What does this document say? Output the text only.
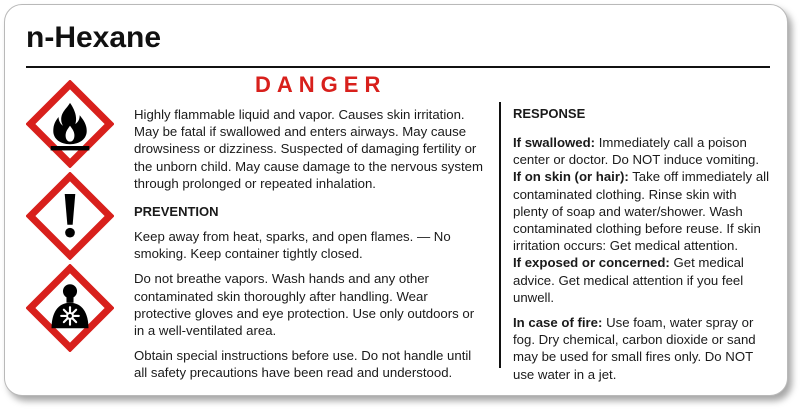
n-Hexane
DANGER

Highly flammable liquid and vapor. Causes skin irritation. May be fatal if swallowed and enters airways. May cause drowsiness or dizziness. Suspected of damaging fertility or the unborn child. May cause damage to the nervous system through prolonged or repeated inhalation.

PREVENTION

Keep away from heat, sparks, and open flames. — No smoking. Keep container tightly closed.

Do not breathe vapors. Wash hands and any other contaminated skin thoroughly after handling. Wear protective gloves and eye protection. Use only outdoors or in a well-ventilated area.

Obtain special instructions before use. Do not handle until all safety precautions have been read and understood.

RESPONSE

If swallowed: Immediately call a poison center or doctor. Do NOT induce vomiting.

If on skin (or hair): Take off immediately all contaminated clothing. Rinse skin with plenty of soap and water/shower. Wash contaminated clothing before reuse. If skin irritation occurs: Get medical attention.

If exposed or concerned: Get medical advice. Get medical attention if you feel unwell.

In case of fire: Use foam, water spray or fog. Dry chemical, carbon dioxide or sand may be used for small fires only. Do NOT use water in a jet.
